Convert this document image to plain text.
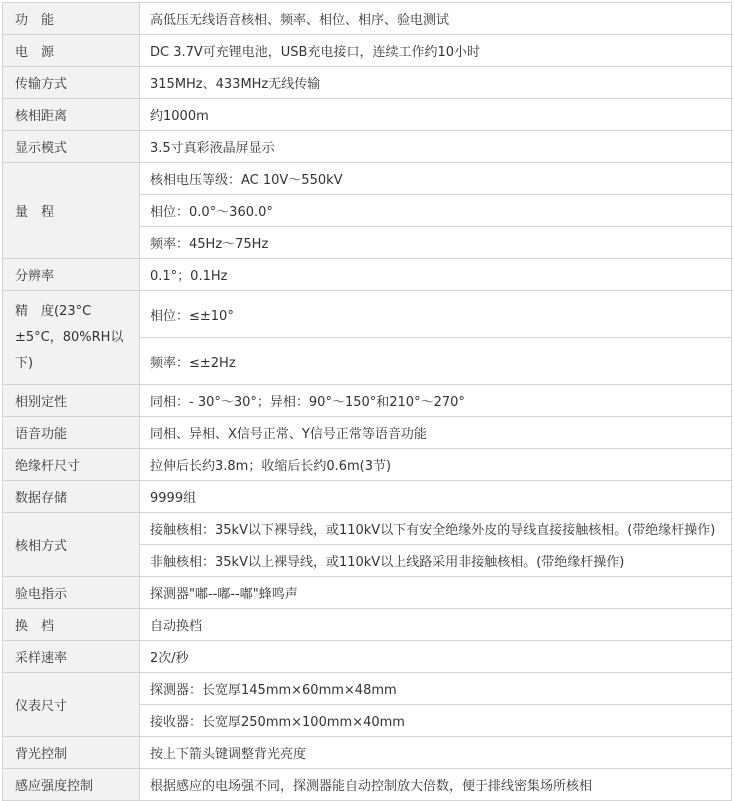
功　能	高低压无线语音核相、频率、相位、相序、验电测试
电　源	DC 3.7V可充锂电池，USB充电接口，连续工作约10小时
传输方式	315MHz、433MHz无线传输
核相距离	约1000m
显示模式	3.5寸真彩液晶屏显示
量　程	核相电压等级：AC 10V～550kV
	相位：0.0°～360.0°
	频率：45Hz～75Hz
分辨率	0.1°；0.1Hz
精　度(23°C ±5°C，80%RH以下)	相位：≤±10°
	频率：≤±2Hz
相别定性	同相：- 30°～30°；异相：90°～150°和210°～270°
语音功能	同相、异相、X信号正常、Y信号正常等语音功能
绝缘杆尺寸	拉伸后长约3.8m；收缩后长约0.6m(3节)
数据存储	9999组
核相方式	接触核相：35kV以下裸导线，或110kV以下有安全绝缘外皮的导线直接接触核相。(带绝缘杆操作)
	非触核相：35kV以上裸导线，或110kV以上线路采用非接触核相。(带绝缘杆操作)
验电指示	探测器"嘟--嘟--嘟"蜂鸣声
换　档	自动换档
采样速率	2次/秒
仪表尺寸	探测器：长宽厚145mm×60mm×48mm
	接收器：长宽厚250mm×100mm×40mm
背光控制	按上下箭头键调整背光亮度
感应强度控制	根据感应的电场强不同，探测器能自动控制放大倍数，便于排线密集场所核相
